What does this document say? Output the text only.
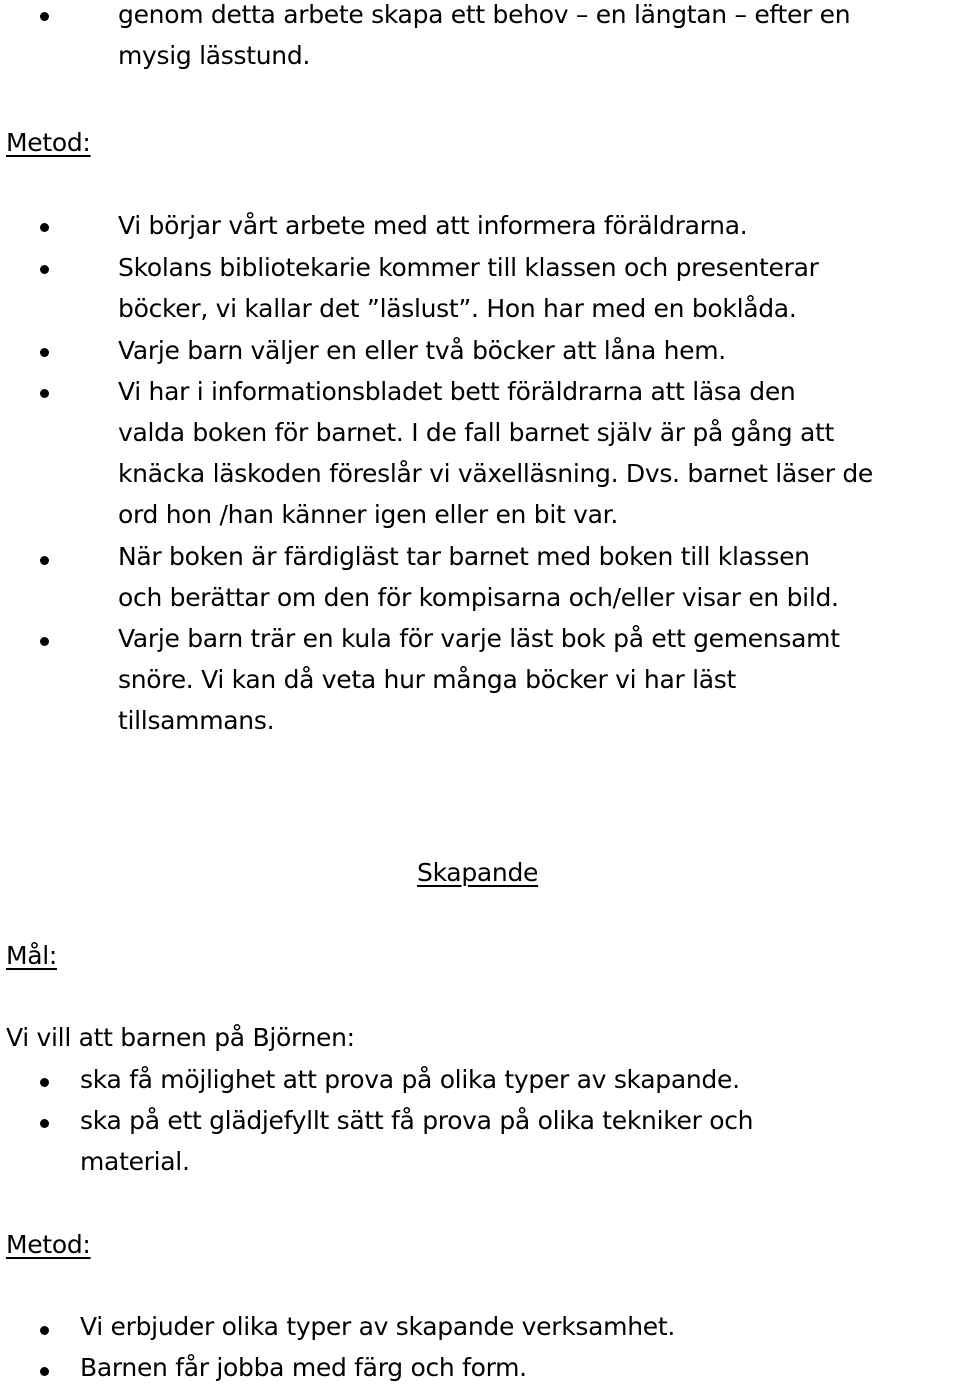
genom detta arbete skapa ett behov – en längtan – efter en

mysig lässtund.

Metod:

Vi börjar vårt arbete med att informera föräldrarna.

Skolans bibliotekarie kommer till klassen och presenterar

böcker, vi kallar det ”läslust”. Hon har med en boklåda.

Varje barn väljer en eller två böcker att låna hem.

Vi har i informationsbladet bett föräldrarna att läsa den

valda boken för barnet. I de fall barnet själv är på gång att

knäcka läskoden föreslår vi växelläsning. Dvs. barnet läser de

ord hon /han känner igen eller en bit var.

När boken är färdigläst tar barnet med boken till klassen

och berättar om den för kompisarna och/eller visar en bild.

Varje barn trär en kula för varje läst bok på ett gemensamt

snöre. Vi kan då veta hur många böcker vi har läst

tillsammans.

Skapande

Mål:

Vi vill att barnen på Björnen:

ska få möjlighet att prova på olika typer av skapande.

ska på ett glädjefyllt sätt få prova på olika tekniker och

material.

Metod:

Vi erbjuder olika typer av skapande verksamhet.

Barnen får jobba med färg och form.
